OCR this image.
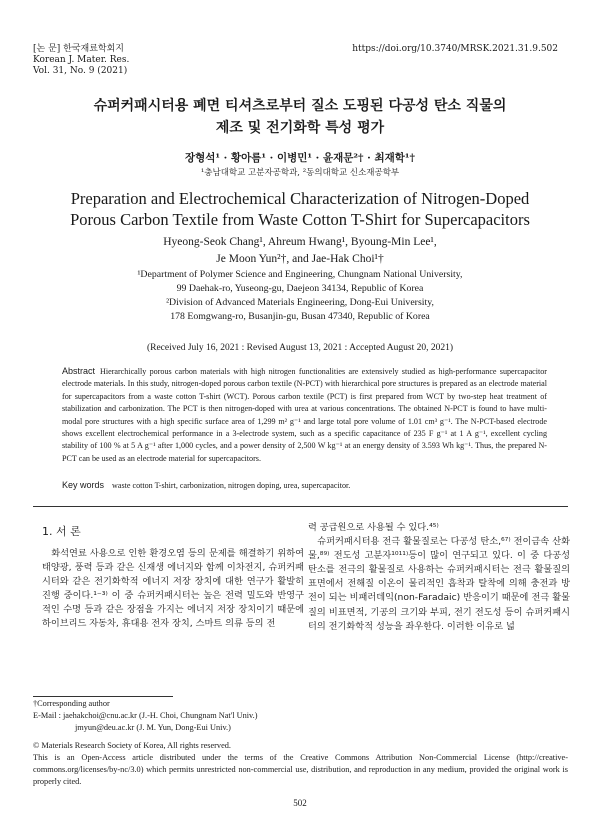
[논 문] 한국재료학회지
Korean J. Mater. Res.
Vol. 31, No. 9 (2021)
https://doi.org/10.3740/MRSK.2021.31.9.502
슈퍼커패시터용 폐면 티셔츠로부터 질소 도핑된 다공성 탄소 직물의
제조 및 전기화학 특성 평가
장형석¹ · 황아름¹ · 이병민¹ · 윤재문²† · 최재학¹†
¹충남대학교 고분자공학과, ²동의대학교 신소재공학부
Preparation and Electrochemical Characterization of Nitrogen-Doped
Porous Carbon Textile from Waste Cotton T-Shirt for Supercapacitors
Hyeong-Seok Chang¹, Ahreum Hwang¹, Byoung-Min Lee¹,
Je Moon Yun²†, and Jae-Hak Choi¹†
¹Department of Polymer Science and Engineering, Chungnam National University,
99 Daehak-ro, Yuseong-gu, Daejeon 34134, Republic of Korea
²Division of Advanced Materials Engineering, Dong-Eui University,
178 Eomgwang-ro, Busanjin-gu, Busan 47340, Republic of Korea
(Received July 16, 2021 : Revised August 13, 2021 : Accepted August 20, 2021)
Abstract Hierarchically porous carbon materials with high nitrogen functionalities are extensively studied as high-performance supercapacitor electrode materials. In this study, nitrogen-doped porous carbon textile (N-PCT) with hierarchical pore structures is prepared as an electrode material for supercapacitors from a waste cotton T-shirt (WCT). Porous carbon textile (PCT) is first prepared from WCT by two-step heat treatment of stabilization and carbonization. The PCT is then nitrogen-doped with urea at various concentrations. The obtained N-PCT is found to have multi-modal pore structures with a high specific surface area of 1,299 m² g⁻¹ and large total pore volume of 1.01 cm³ g⁻¹. The N-PCT-based electrode shows excellent electrochemical performance in a 3-electrode system, such as a specific capacitance of 235 F g⁻¹ at 1 A g⁻¹, excellent cycling stability of 100 % at 5 A g⁻¹ after 1,000 cycles, and a power density of 2,500 W kg⁻¹ at an energy density of 3.593 Wh kg⁻¹. Thus, the prepared N-PCT can be used as an electrode material for supercapacitors.
Key words waste cotton T-shirt, carbonization, nitrogen doping, urea, supercapacitor.
1. 서 론

화석연료 사용으로 인한 환경오염 등의 문제를 해결하기 위하여 태양광, 풍력 등과 같은 신재생 에너지와 함께 이차전지, 슈퍼커패시터와 같은 전기화학적 에너지 저장 장치에 대한 연구가 활발히 진행 중이다.¹⁻³⁾ 이 중 슈퍼커패시터는 높은 전력 밀도와 반영구적인 수명 등과 같은 장점을 가지는 에너지 저장 장치이기 때문에 하이브리드 자동차, 휴대용 전자 장치, 스마트 의류 등의 전

력 공급원으로 사용될 수 있다.⁴⁵⁾

슈퍼커패시터용 전극 활물질로는 다공성 탄소,⁶⁷⁾ 전이금속 산화물,⁸⁹⁾ 전도성 고분자¹⁰¹¹⁾등이 많이 연구되고 있다. 이 중 다공성 탄소를 전극의 활물질로 사용하는 슈퍼커패시터는 전극 활물질의 표면에서 전해질 이온이 물리적인 흡착과 탈착에 의해 충전과 방전이 되는 비패러데익(non-Faradaic) 반응이기 때문에 전극 활물질의 비표면적, 기공의 크기와 부피, 전기 전도성 등이 슈퍼커패시터의 전기화학적 성능을 좌우한다. 이러한 이유로 넓

†Corresponding author
E-Mail : jaehakchoi@cnu.ac.kr (J.-H. Choi, Chungnam Nat'l Univ.)
jmyun@deu.ac.kr (J. M. Yun, Dong-Eui Univ.)
© Materials Research Society of Korea, All rights reserved.
This is an Open-Access article distributed under the terms of the Creative Commons Attribution Non-Commercial License (http://creative-commons.org/licenses/by-nc/3.0) which permits unrestricted non-commercial use, distribution, and reproduction in any medium, provided the original work is properly cited.
502
